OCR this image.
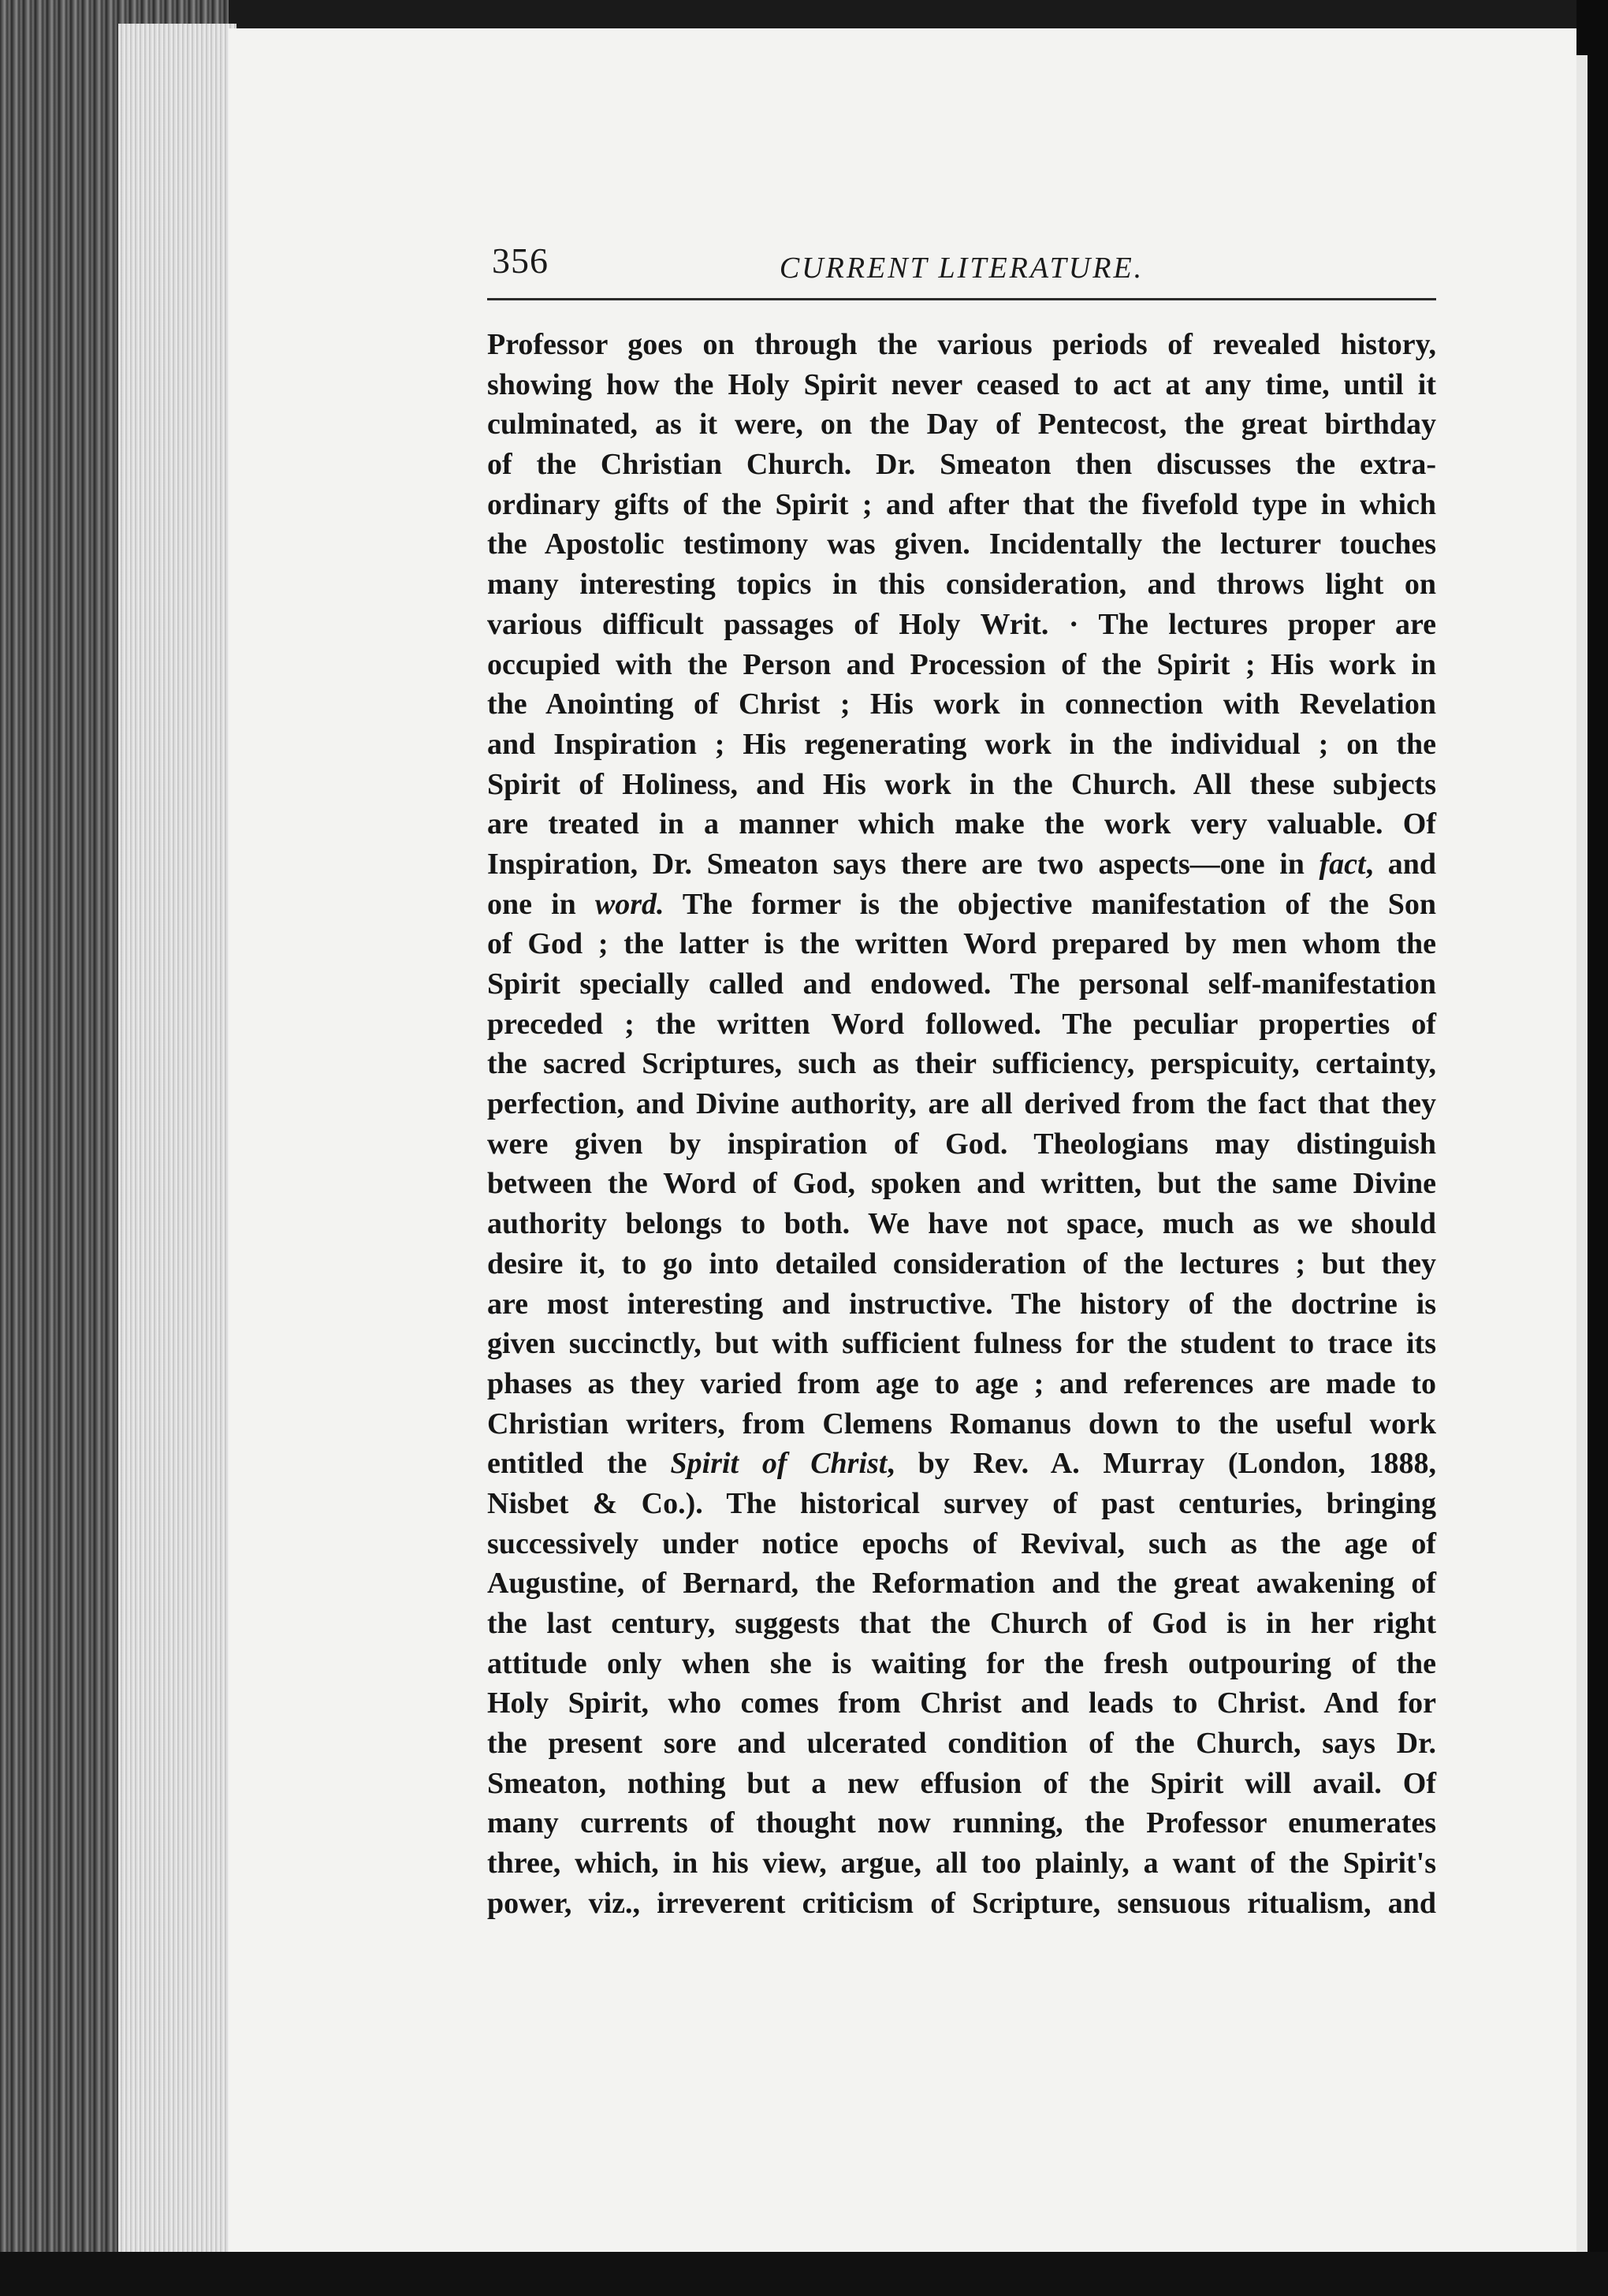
356	CURRENT LITERATURE.
Professor goes on through the various periods of revealed history,
showing how the Holy Spirit never ceased to act at any time, until it
culminated, as it were, on the Day of Pentecost, the great birthday
of the Christian Church. Dr. Smeaton then discusses the extra-
ordinary gifts of the Spirit ; and after that the fivefold type in which
the Apostolic testimony was given. Incidentally the lecturer touches
many interesting topics in this consideration, and throws light on
various difficult passages of Holy Writ. · The lectures proper are
occupied with the Person and Procession of the Spirit ; His work in
the Anointing of Christ ; His work in connection with Revelation
and Inspiration ; His regenerating work in the individual ; on the
Spirit of Holiness, and His work in the Church. All these subjects
are treated in a manner which make the work very valuable. Of
Inspiration, Dr. Smeaton says there are two aspects—one in fact, and
one in word. The former is the objective manifestation of the Son
of God ; the latter is the written Word prepared by men whom the
Spirit specially called and endowed. The personal self-manifestation
preceded ; the written Word followed. The peculiar properties of
the sacred Scriptures, such as their sufficiency, perspicuity, certainty,
perfection, and Divine authority, are all derived from the fact that they
were given by inspiration of God. Theologians may distinguish
between the Word of God, spoken and written, but the same Divine
authority belongs to both. We have not space, much as we should
desire it, to go into detailed consideration of the lectures ; but they
are most interesting and instructive. The history of the doctrine is
given succinctly, but with sufficient fulness for the student to trace its
phases as they varied from age to age ; and references are made to
Christian writers, from Clemens Romanus down to the useful work
entitled the Spirit of Christ, by Rev. A. Murray (London, 1888,
Nisbet & Co.). The historical survey of past centuries, bringing
successively under notice epochs of Revival, such as the age of
Augustine, of Bernard, the Reformation and the great awakening of
the last century, suggests that the Church of God is in her right
attitude only when she is waiting for the fresh outpouring of the
Holy Spirit, who comes from Christ and leads to Christ. And for
the present sore and ulcerated condition of the Church, says Dr.
Smeaton, nothing but a new effusion of the Spirit will avail. Of
many currents of thought now running, the Professor enumerates
three, which, in his view, argue, all too plainly, a want of the Spirit's
power, viz., irreverent criticism of Scripture, sensuous ritualism, and
